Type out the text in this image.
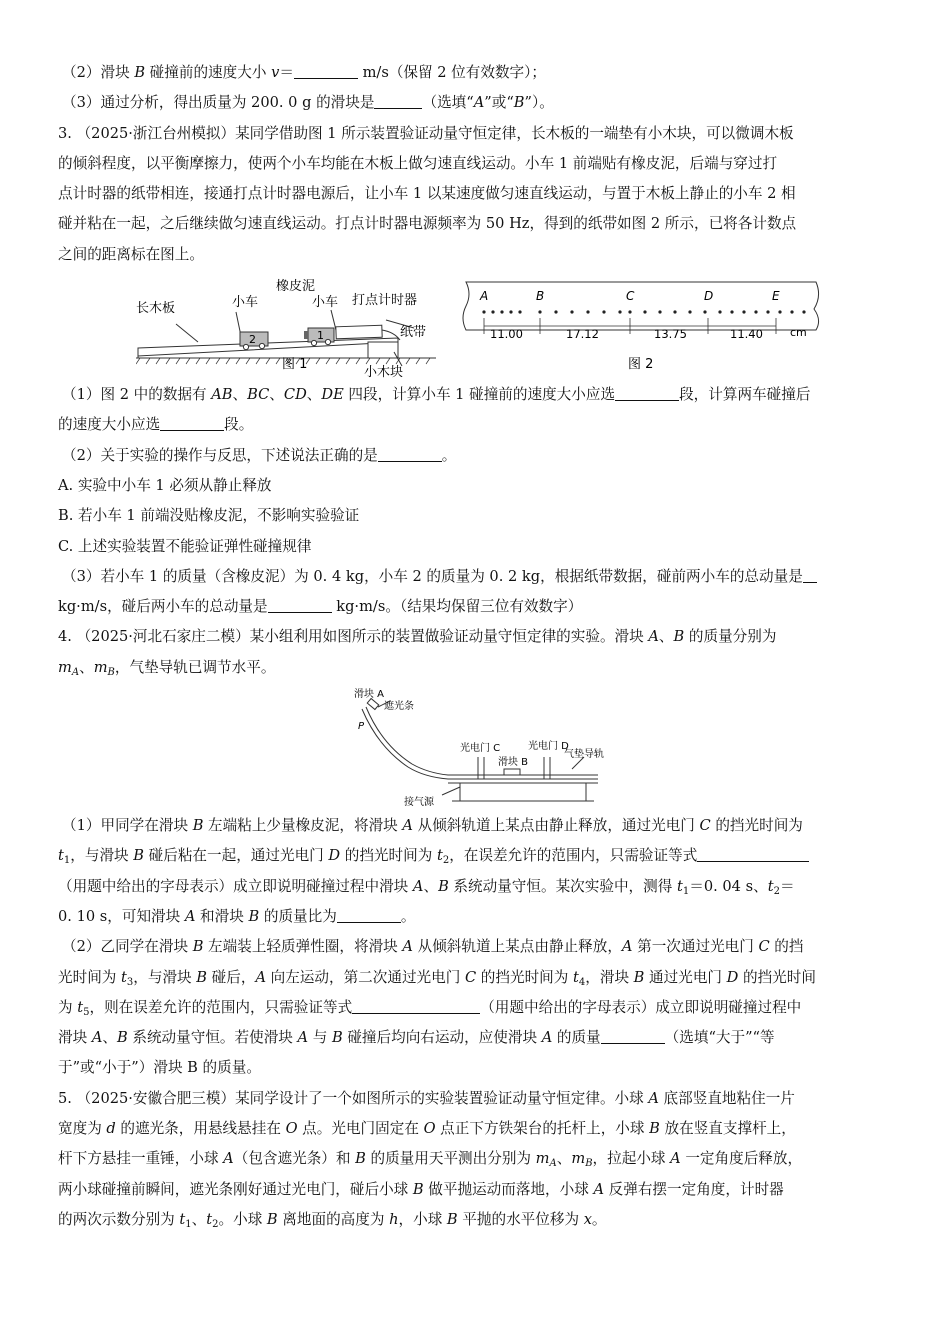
（2）滑块 B 碰撞前的速度大小 v＝	m/s（保留 2 位有效数字）；
（3）通过分析，得出质量为 200. 0 g 的滑块是	（选填“A”或“B”）。
3. （2025·浙江台州模拟）某同学借助图 1 所示装置验证动量守恒定律，长木板的一端垫有小木块，可以微调木板
的倾斜程度，以平衡摩擦力，使两个小车均能在木板上做匀速直线运动。小车 1 前端贴有橡皮泥，后端与穿过打
点计时器的纸带相连，接通打点计时器电源后，让小车 1 以某速度做匀速直线运动，与置于木板上静止的小车 2 相
碰并粘在一起，之后继续做匀速直线运动。打点计时器电源频率为 50 Hz，得到的纸带如图 2 所示，已将各计数点
之间的距离标在图上。
长木板	小车
2
橡皮泥
小车
1
打点计时器
纸带
小木块
A	B	C	D	E
11.00	17.12	13.75	11.40 cm
图 2
图 1
（1）图 2 中的数据有 AB、BC、CD、DE 四段，计算小车 1 碰撞前的速度大小应选	段，计算两车碰撞后
的速度大小应选	段。
（2）关于实验的操作与反思，下述说法正确的是	。
A. 实验中小车 1 必须从静止释放
B. 若小车 1 前端没贴橡皮泥，不影响实验验证
C. 上述实验装置不能验证弹性碰撞规律
（3）若小车 1 的质量（含橡皮泥）为 0. 4 kg，小车 2 的质量为 0. 2 kg，根据纸带数据，碰前两小车的总动量是
kg·m/s，碰后两小车的总动量是	kg·m/s。（结果均保留三位有效数字）
4. （2025·河北石家庄二模）某小组利用如图所示的装置做验证动量守恒定律的实验。滑块 A、B 的质量分别为
$m_A$、$m_B$，气垫导轨已调节水平。
滑块 A
遮光条
P
光电门 C	光电门 D
滑块 B
气垫导轨
接气源
（1）甲同学在滑块 B 左端粘上少量橡皮泥，将滑块 A 从倾斜轨道上某点由静止释放，通过光电门 C 的挡光时间为
$t_1$，与滑块 B 碰后粘在一起，通过光电门 D 的挡光时间为 $t_2$，在误差允许的范围内，只需验证等式
（用题中给出的字母表示）成立即说明碰撞过程中滑块 A、B 系统动量守恒。某次实验中，测得 $t_1=0$. 04 s、$t_2=$
0. 10 s，可知滑块 A 和滑块 B 的质量比为	。
（2）乙同学在滑块 B 左端装上轻质弹性圈，将滑块 A 从倾斜轨道上某点由静止释放，A 第一次通过光电门 C 的挡
光时间为 $t_3$，与滑块 B 碰后，A 向左运动，第二次通过光电门 C 的挡光时间为 $t_4$，滑块 B 通过光电门 D 的挡光时间
为 $t_5$，则在误差允许的范围内，只需验证等式	（用题中给出的字母表示）成立即说明碰撞过程中
滑块 A、B 系统动量守恒。若使滑块 A 与 B 碰撞后均向右运动，应使滑块 A 的质量	（选填“大于”“等
于”或“小于”）滑块 B 的质量。
5. （2025·安徽合肥三模）某同学设计了一个如图所示的实验装置验证动量守恒定律。小球 A 底部竖直地粘住一片
宽度为 d 的遮光条，用悬线悬挂在 O 点。光电门固定在 O 点正下方铁架台的托杆上，小球 B 放在竖直支撑杆上，
杆下方悬挂一重锤，小球 A（包含遮光条）和 B 的质量用天平测出分别为 $m_A$、$m_B$，拉起小球 A 一定角度后释放，
两小球碰撞前瞬间，遮光条刚好通过光电门，碰后小球 B 做平抛运动而落地，小球 A 反弹右摆一定角度，计时器
的两次示数分别为 $t_1$、$t_2$。小球 B 离地面的高度为 h，小球 B 平抛的水平位移为 x。
